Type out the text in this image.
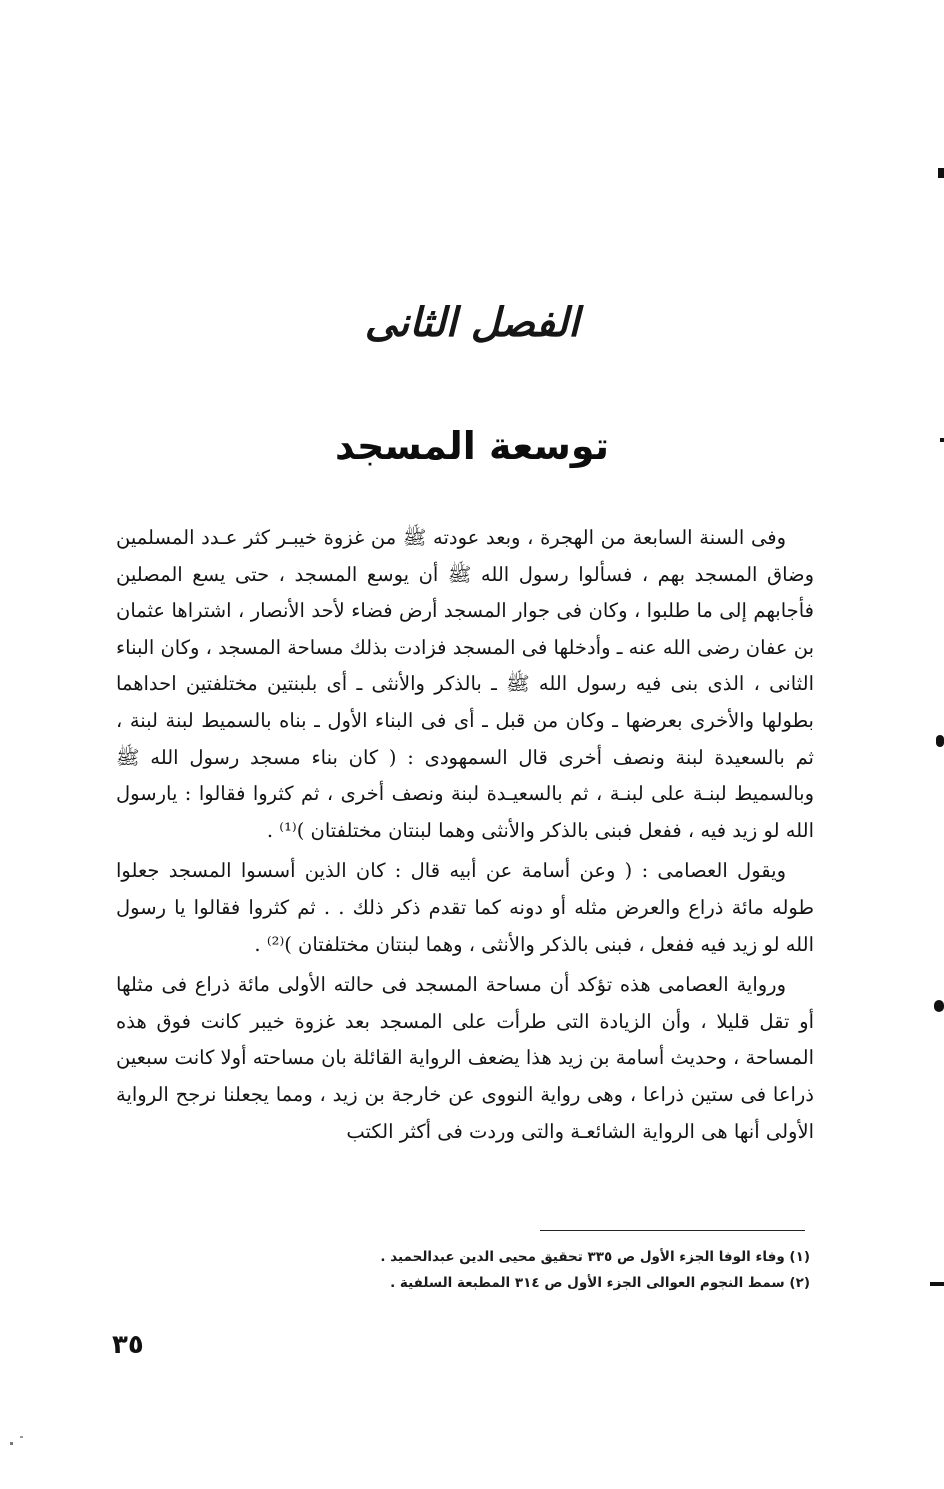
الفصل الثانى
توسعة المسجد

وفى السنة السابعة من الهجرة ، وبعد عودته ﷺ من غزوة خيبـر كثر عـدد المسلمين وضاق المسجد بهم ، فسألوا رسول الله ﷺ أن يوسع المسجد ، حتى يسع المصلين فأجابهم إلى ما طلبوا ، وكان فى جوار المسجد أرض فضاء لأحد الأنصار ، اشتراها عثمان بن عفان رضى الله عنه ـ وأدخلها فى المسجد فزادت بذلك مساحة المسجد ، وكان البناء الثانى ، الذى بنى فيه رسول الله ﷺ ـ بالذكر والأنثى ـ أى بلبنتين مختلفتين احداهما بطولها والأخرى بعرضها ـ وكان من قبل ـ أى فى البناء الأول ـ بناه بالسميط لبنة لبنة ، ثم بالسعيدة لبنة ونصف أخرى قال السمهودى : ( كان بناء مسجد رسول الله ﷺ وبالسميط لبنـة على لبنـة ، ثم بالسعيـدة لبنة ونصف أخرى ، ثم كثروا فقالوا : يارسول الله لو زيد فيه ، ففعل فبنى بالذكر والأنثى وهما لبنتان مختلفتان )⁽¹⁾ .

ويقول العصامى : ( وعن أسامة عن أبيه قال : كان الذين أسسوا المسجد جعلوا طوله مائة ذراع والعرض مثله أو دونه كما تقدم ذكر ذلك . . ثم كثروا فقالوا يا رسول الله لو زيد فيه ففعل ، فبنى بالذكر والأنثى ، وهما لبنتان مختلفتان )⁽²⁾ .

ورواية العصامى هذه تؤكد أن مساحة المسجد فى حالته الأولى مائة ذراع فى مثلها أو تقل قليلا ، وأن الزيادة التى طرأت على المسجد بعد غزوة خيبر كانت فوق هذه المساحة ، وحديث أسامة بن زيد هذا يضعف الرواية القائلة بان مساحته أولا كانت سبعين ذراعا فى ستين ذراعا ، وهى رواية النووى عن خارجة بن زيد ، ومما يجعلنا نرجح الرواية الأولى أنها هى الرواية الشائعـة والتى وردت فى أكثر الكتب

(١) وفاء الوفا الجزء الأول ص ٣٣٥ تحقيق محيى الدين عبدالحميد .
(٢) سمط النجوم العوالى الجزء الأول ص ٣١٤ المطبعة السلفية .
٣٥
